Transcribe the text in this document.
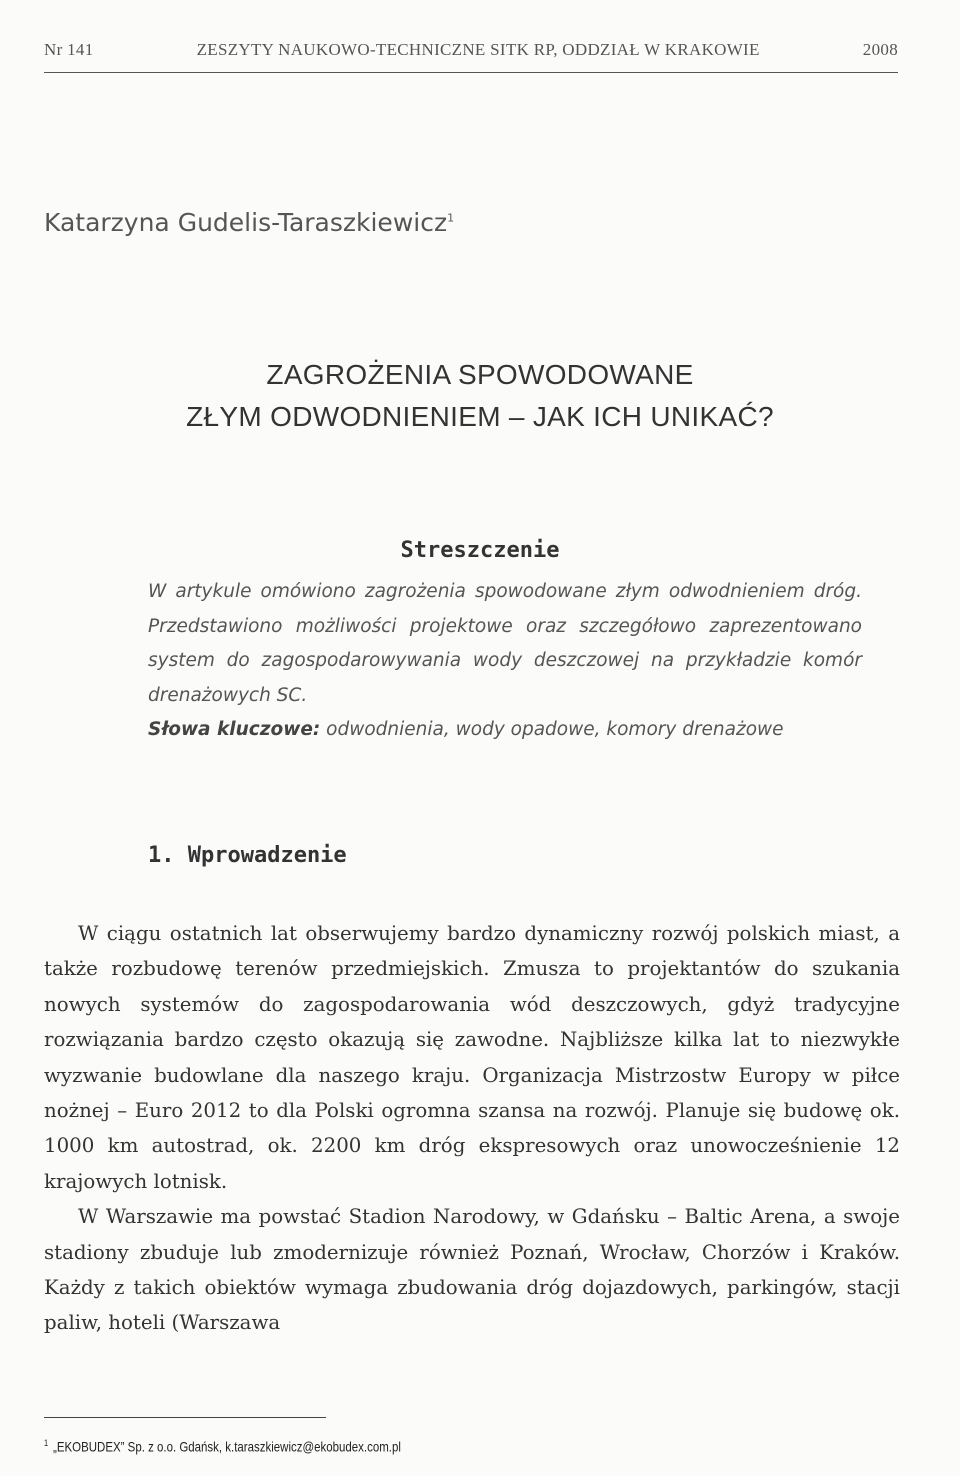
Nr 141	ZESZYTY NAUKOWO-TECHNICZNE SITK RP, ODDZIAŁ W KRAKOWIE	2008
Katarzyna Gudelis-Taraszkiewicz$^1$
ZAGROŻENIA SPOWODOWANE
ZŁYM ODWODNIENIEM – JAK ICH UNIKAĆ?
Streszczenie

W artykule omówiono zagrożenia spowodowane złym odwodnieniem dróg. Przedstawiono możliwości projektowe oraz szczegółowo zaprezentowano system do zagospodarowywania wody deszczowej na przykładzie komór drenażowych SC.

Słowa kluczowe: odwodnienia, wody opadowe, komory drenażowe

1. Wprowadzenie

W ciągu ostatnich lat obserwujemy bardzo dynamiczny rozwój polskich miast, a także rozbudowę terenów przedmiejskich. Zmusza to projektantów do szukania nowych systemów do zagospodarowania wód deszczowych, gdyż tradycyjne rozwiązania bardzo często okazują się zawodne. Najbliższe kilka lat to niezwykłe wyzwanie budowlane dla naszego kraju. Organizacja Mistrzostw Europy w piłce nożnej – Euro 2012 to dla Polski ogromna szansa na rozwój. Planuje się budowę ok. 1000 km autostrad, ok. 2200 km dróg ekspresowych oraz unowocześnienie 12 krajowych lotnisk.

W Warszawie ma powstać Stadion Narodowy, w Gdańsku – Baltic Arena, a swoje stadiony zbuduje lub zmodernizuje również Poznań, Wrocław, Chorzów i Kraków. Każdy z takich obiektów wymaga zbudowania dróg dojazdowych, parkingów, stacji paliw, hoteli (Warszawa

$^1$ „EKOBUDEX” Sp. z o.o. Gdańsk, k.taraszkiewicz@ekobudex.com.pl
